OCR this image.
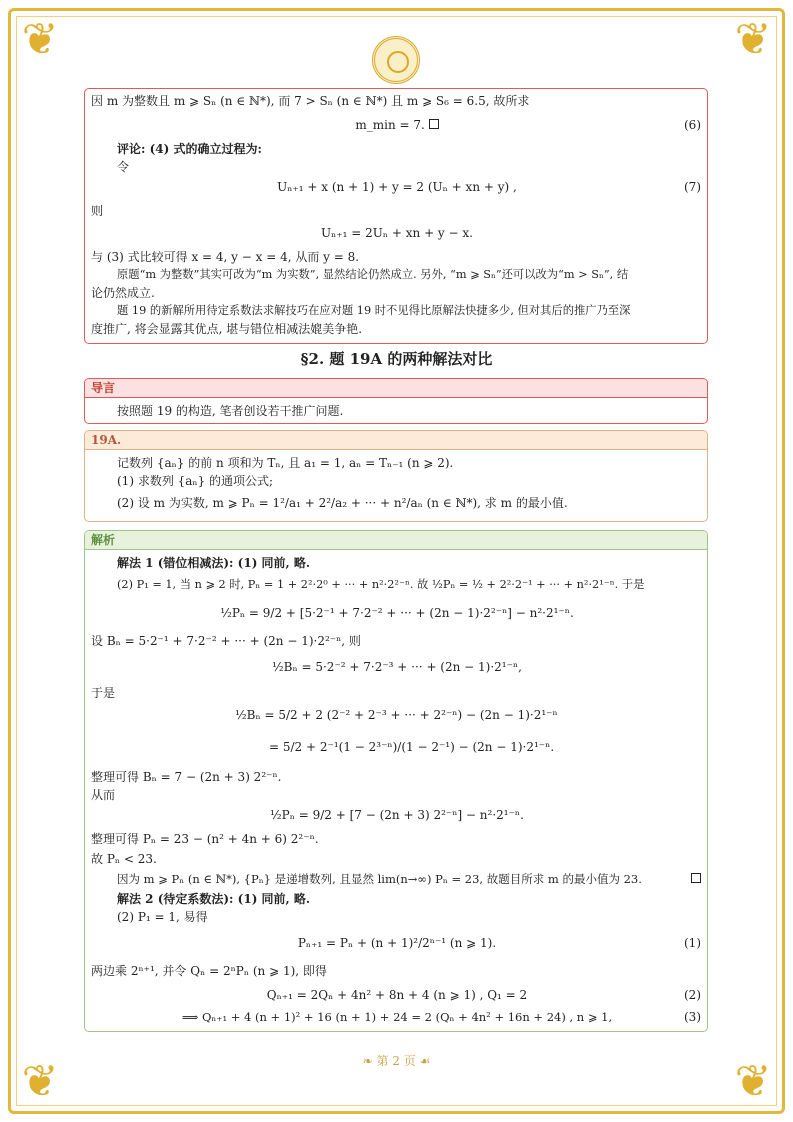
❦	❦
❦	❦
因 m 为整数且 m ⩾ Sₙ (n ∈ ℕ*), 而 7 > Sₙ (n ∈ ℕ*) 且 m ⩾ S₆ = 6.5, 故所求
m_min = 7.	(6)
评论: (4) 式的确立过程为:
令
Uₙ₊₁ + x (n + 1) + y = 2 (Uₙ + xn + y) ,	(7)
则
Uₙ₊₁ = 2Uₙ + xn + y − x.
与 (3) 式比较可得 x = 4, y − x = 4, 从而 y = 8.
原题“m 为整数”其实可改为“m 为实数”, 显然结论仍然成立. 另外, “m ⩾ Sₙ”还可以改为“m > Sₙ”, 结
论仍然成立.
题 19 的新解所用待定系数法求解技巧在应对题 19 时不见得比原解法快捷多少, 但对其后的推广乃至深
度推广, 将会显露其优点, 堪与错位相减法媲美争艳.
§2. 题 19A 的两种解法对比
导言
按照题 19 的构造, 笔者创设若干推广问题.
19A.
记数列 {aₙ} 的前 n 项和为 Tₙ, 且 a₁ = 1, aₙ = Tₙ₋₁ (n ⩾ 2).
(1) 求数列 {aₙ} 的通项公式;
(2) 设 m 为实数, m ⩾ Pₙ = 1²/a₁ + 2²/a₂ + ··· + n²/aₙ (n ∈ ℕ*), 求 m 的最小值.
解析
解法 1 (错位相减法): (1) 同前, 略.
(2) P₁ = 1, 当 n ⩾ 2 时, Pₙ = 1 + 2²·2⁰ + ··· + n²·2²⁻ⁿ. 故 ½Pₙ = ½ + 2²·2⁻¹ + ··· + n²·2¹⁻ⁿ. 于是
½Pₙ = 9/2 + [5·2⁻¹ + 7·2⁻² + ··· + (2n − 1)·2²⁻ⁿ] − n²·2¹⁻ⁿ.
设 Bₙ = 5·2⁻¹ + 7·2⁻² + ··· + (2n − 1)·2²⁻ⁿ, 则
½Bₙ = 5·2⁻² + 7·2⁻³ + ··· + (2n − 1)·2¹⁻ⁿ,
于是
½Bₙ = 5/2 + 2 (2⁻² + 2⁻³ + ··· + 2²⁻ⁿ) − (2n − 1)·2¹⁻ⁿ
= 5/2 + 2⁻¹(1 − 2³⁻ⁿ)/(1 − 2⁻¹) − (2n − 1)·2¹⁻ⁿ.
整理可得 Bₙ = 7 − (2n + 3) 2²⁻ⁿ.
从而
½Pₙ = 9/2 + [7 − (2n + 3) 2²⁻ⁿ] − n²·2¹⁻ⁿ.
整理可得 Pₙ = 23 − (n² + 4n + 6) 2²⁻ⁿ.
故 Pₙ < 23.
因为 m ⩾ Pₙ (n ∈ ℕ*), {Pₙ} 是递增数列, 且显然 lim(n→∞) Pₙ = 23, 故题目所求 m 的最小值为 23.
解法 2 (待定系数法): (1) 同前, 略.
(2) P₁ = 1, 易得
Pₙ₊₁ = Pₙ + (n + 1)²/2ⁿ⁻¹ (n ⩾ 1).	(1)
两边乘 2ⁿ⁺¹, 并令 Qₙ = 2ⁿPₙ (n ⩾ 1), 即得
Qₙ₊₁ = 2Qₙ + 4n² + 8n + 4 (n ⩾ 1) , Q₁ = 2	(2)
⟹ Qₙ₊₁ + 4 (n + 1)² + 16 (n + 1) + 24 = 2 (Qₙ + 4n² + 16n + 24) , n ⩾ 1,	(3)
❧ 第 2 页 ☙
